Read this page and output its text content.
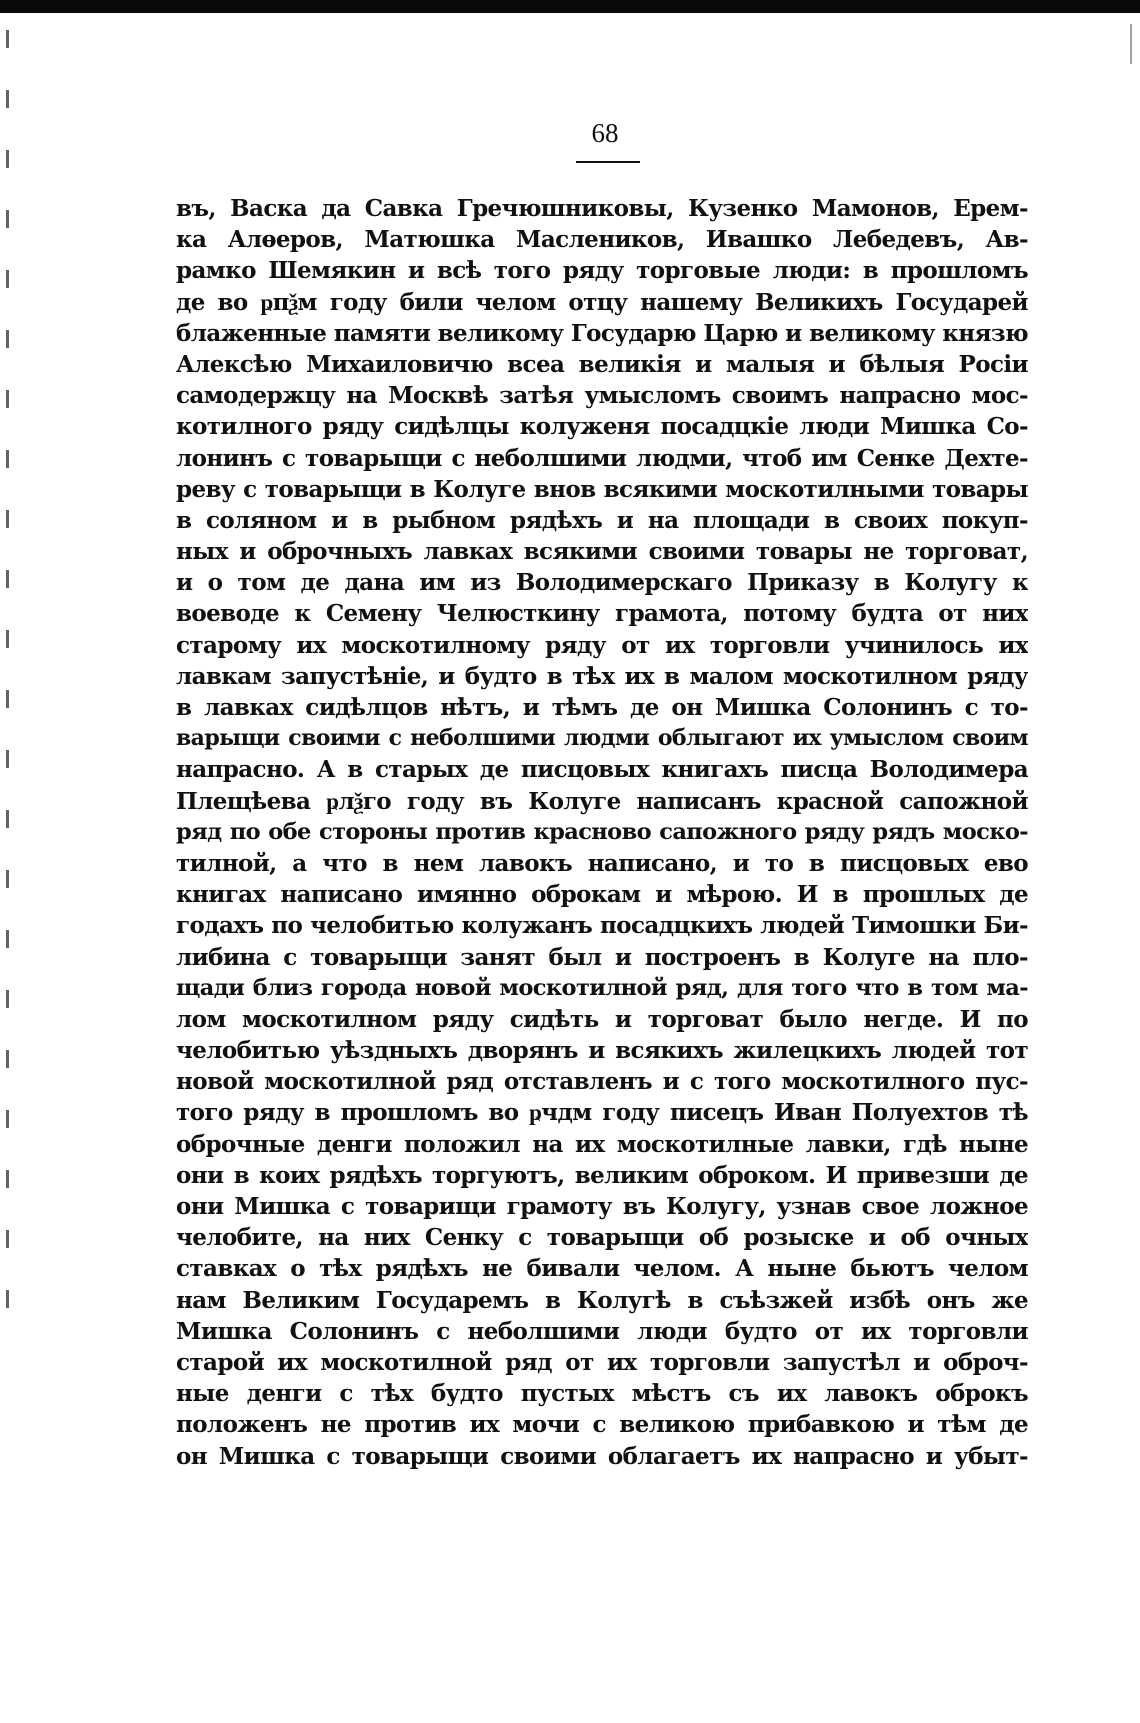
68
въ, Васка да Савка Гречюшниковы, Кузенко Мамонов, Ерем-
ка Алѳеров, Матюшка Маслеников, Ивашко Лебедевъ, Ав-
рамко Шемякин и всѣ того ряду торговые люди: в прошломъ
де во ҏпѯм году били челом отцу нашему Великихъ Государей
блаженные памяти великому Государю Царю и великому князю
Алексѣю Михаиловичю всеа великія и малыя и бѣлыя Росіи
самодержцу на Москвѣ затѣя умысломъ своимъ напрасно мос-
котилного ряду сидѣлцы колуженя посадцкіе люди Мишка Со-
лонинъ с товарыщи с неболшими людми, чтоб им Сенке Дехте-
реву с товарыщи в Колуге внов всякими москотилными товары
в соляном и в рыбном рядѣхъ и на площади в своих покуп-
ных и оброчныхъ лавках всякими своими товары не торговат,
и о том де дана им из Володимерскаго Приказу в Колугу к
воеводе к Семену Челюсткину грамота, потому будта от них
старому их москотилному ряду от их торговли учинилось их
лавкам запустѣніе, и будто в тѣх их в малом москотилном ряду
в лавках сидѣлцов нѣтъ, и тѣмъ де он Мишка Солонинъ с то-
варыщи своими с неболшими людми облыгают их умыслом своим
напрасно. А в старых де писцовых книгахъ писца Володимера
Плещѣева ҏлѯго году въ Колуге написанъ красной сапожной
ряд по обе стороны против красново сапожного ряду рядъ моско-
тилной, а что в нем лавокъ написано, и то в писцовых ево
книгах написано имянно оброкам и мѣрою. И в прошлых де
годахъ по челобитью колужанъ посадцкихъ людей Тимошки Би-
либина с товарыщи занят был и построенъ в Колуге на пло-
щади близ города новой москотилной ряд, для того что в том ма-
лом москотилном ряду сидѣть и торговат было негде. И по
челобитью уѣздныхъ дворянъ и всякихъ жилецкихъ людей тот
новой москотилной ряд отставленъ и с того москотилного пус-
того ряду в прошломъ во ҏчдм году писецъ Иван Полуехтов тѣ
оброчные денги положил на их москотилные лавки, гдѣ ныне
они в коих рядѣхъ торгуютъ, великим оброком. И привезши де
они Мишка с товарищи грамоту въ Колугу, узнав свое ложное
челобите, на них Сенку с товарыщи об розыске и об очных
ставках о тѣх рядѣхъ не бивали челом. А ныне бьютъ челом
нам Великим Государемъ в Колугѣ в съѣзжей избѣ онъ же
Мишка Солонинъ с неболшими люди будто от их торговли
старой их москотилной ряд от их торговли запустѣл и оброч-
ные денги с тѣх будто пустых мѣстъ съ их лавокъ оброкъ
положенъ не против их мочи с великою прибавкою и тѣм де
он Мишка с товарыщи своими облагаетъ их напрасно и убыт-
